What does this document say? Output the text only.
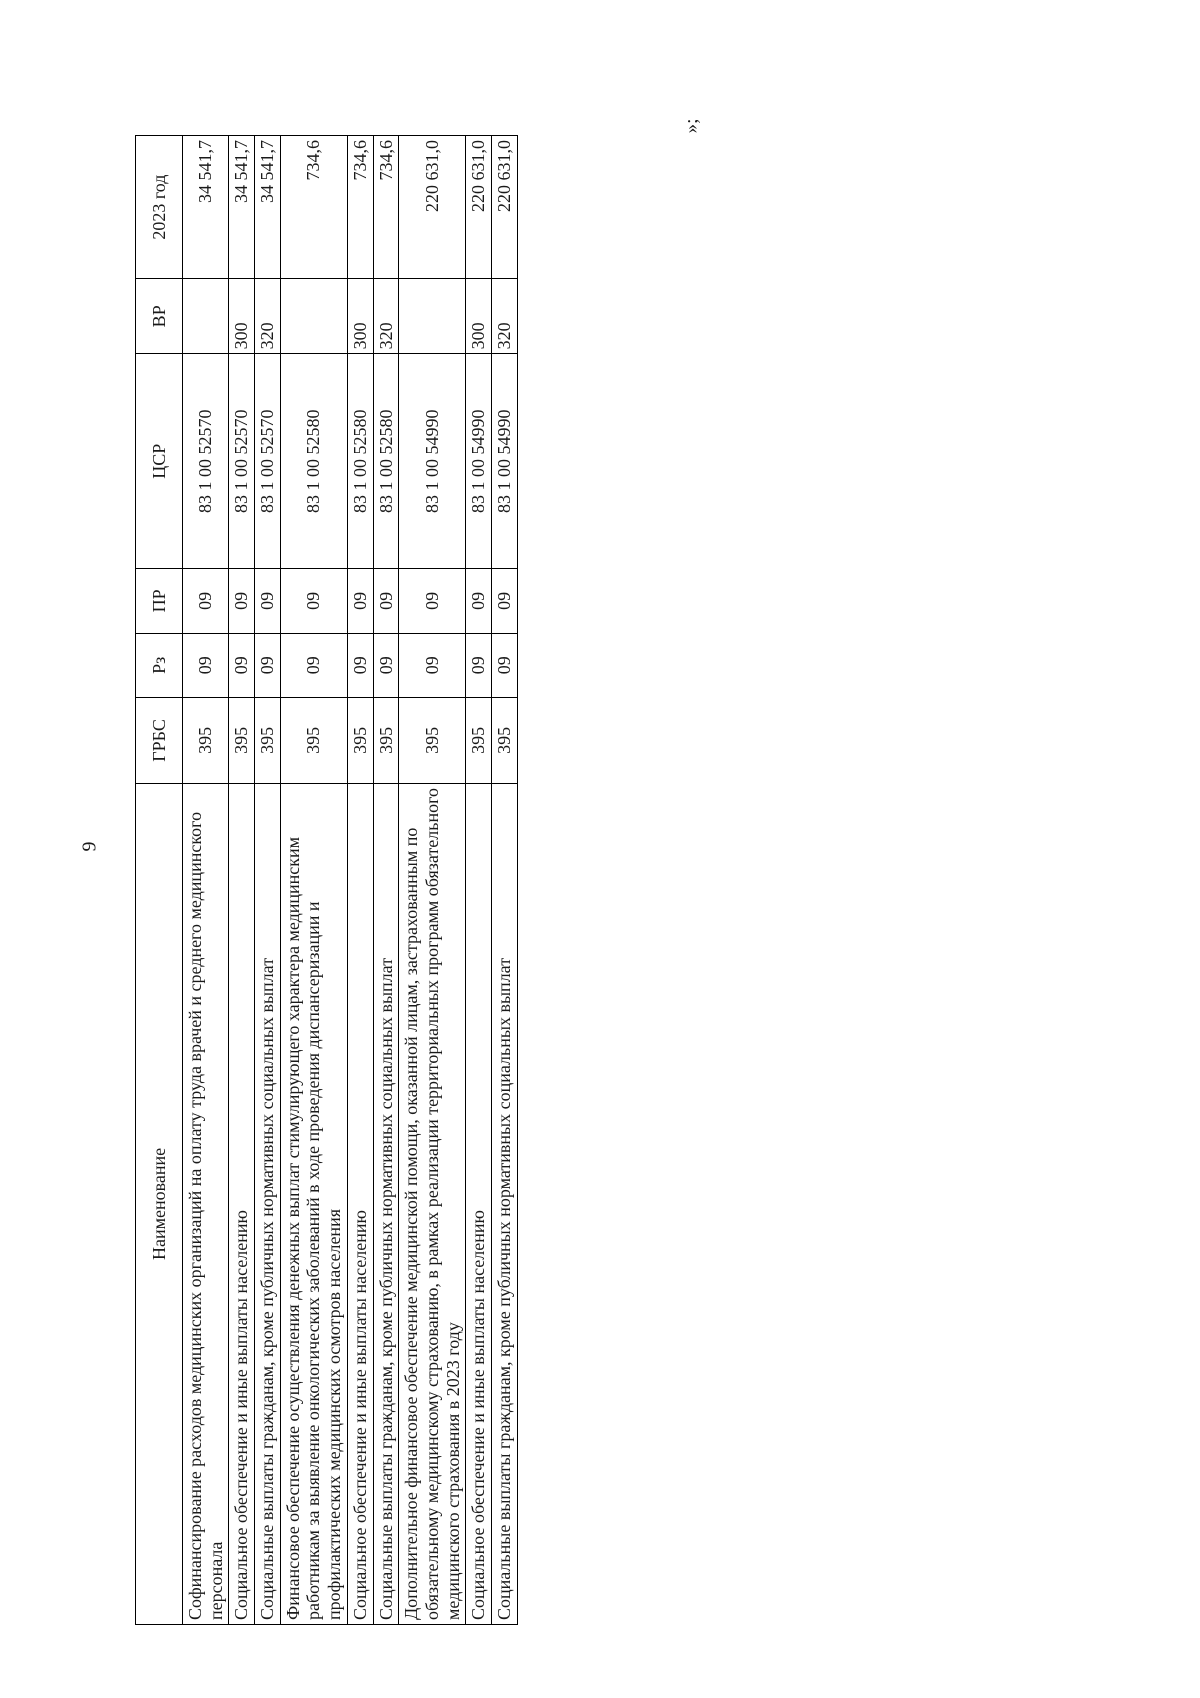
9
Наименование	ГРБС	Рз	ПР	ЦСР	ВР	2023 год
Софинансирование расходов медицинских организаций на оплату труда врачей и среднего медицинского персонала	395	09	09	83 1 00 52570		34 541,7
Социальное обеспечение и иные выплаты населению	395	09	09	83 1 00 52570	300	34 541,7
Социальные выплаты гражданам, кроме публичных нормативных социальных выплат	395	09	09	83 1 00 52570	320	34 541,7
Финансовое обеспечение осуществления денежных выплат стимулирующего характера медицинским работникам за выявление онкологических заболеваний в ходе проведения диспансеризации и профилактических медицинских осмотров населения	395	09	09	83 1 00 52580		734,6
Социальное обеспечение и иные выплаты населению	395	09	09	83 1 00 52580	300	734,6
Социальные выплаты гражданам, кроме публичных нормативных социальных выплат	395	09	09	83 1 00 52580	320	734,6
Дополнительное финансовое обеспечение медицинской помощи, оказанной лицам, застрахованным по обязательному медицинскому страхованию, в рамках реализации территориальных программ обязательного медицинского страхования в 2023 году	395	09	09	83 1 00 54990		220 631,0
Социальное обеспечение и иные выплаты населению	395	09	09	83 1 00 54990	300	220 631,0
Социальные выплаты гражданам, кроме публичных нормативных социальных выплат	395	09	09	83 1 00 54990	320	220 631,0
»;
